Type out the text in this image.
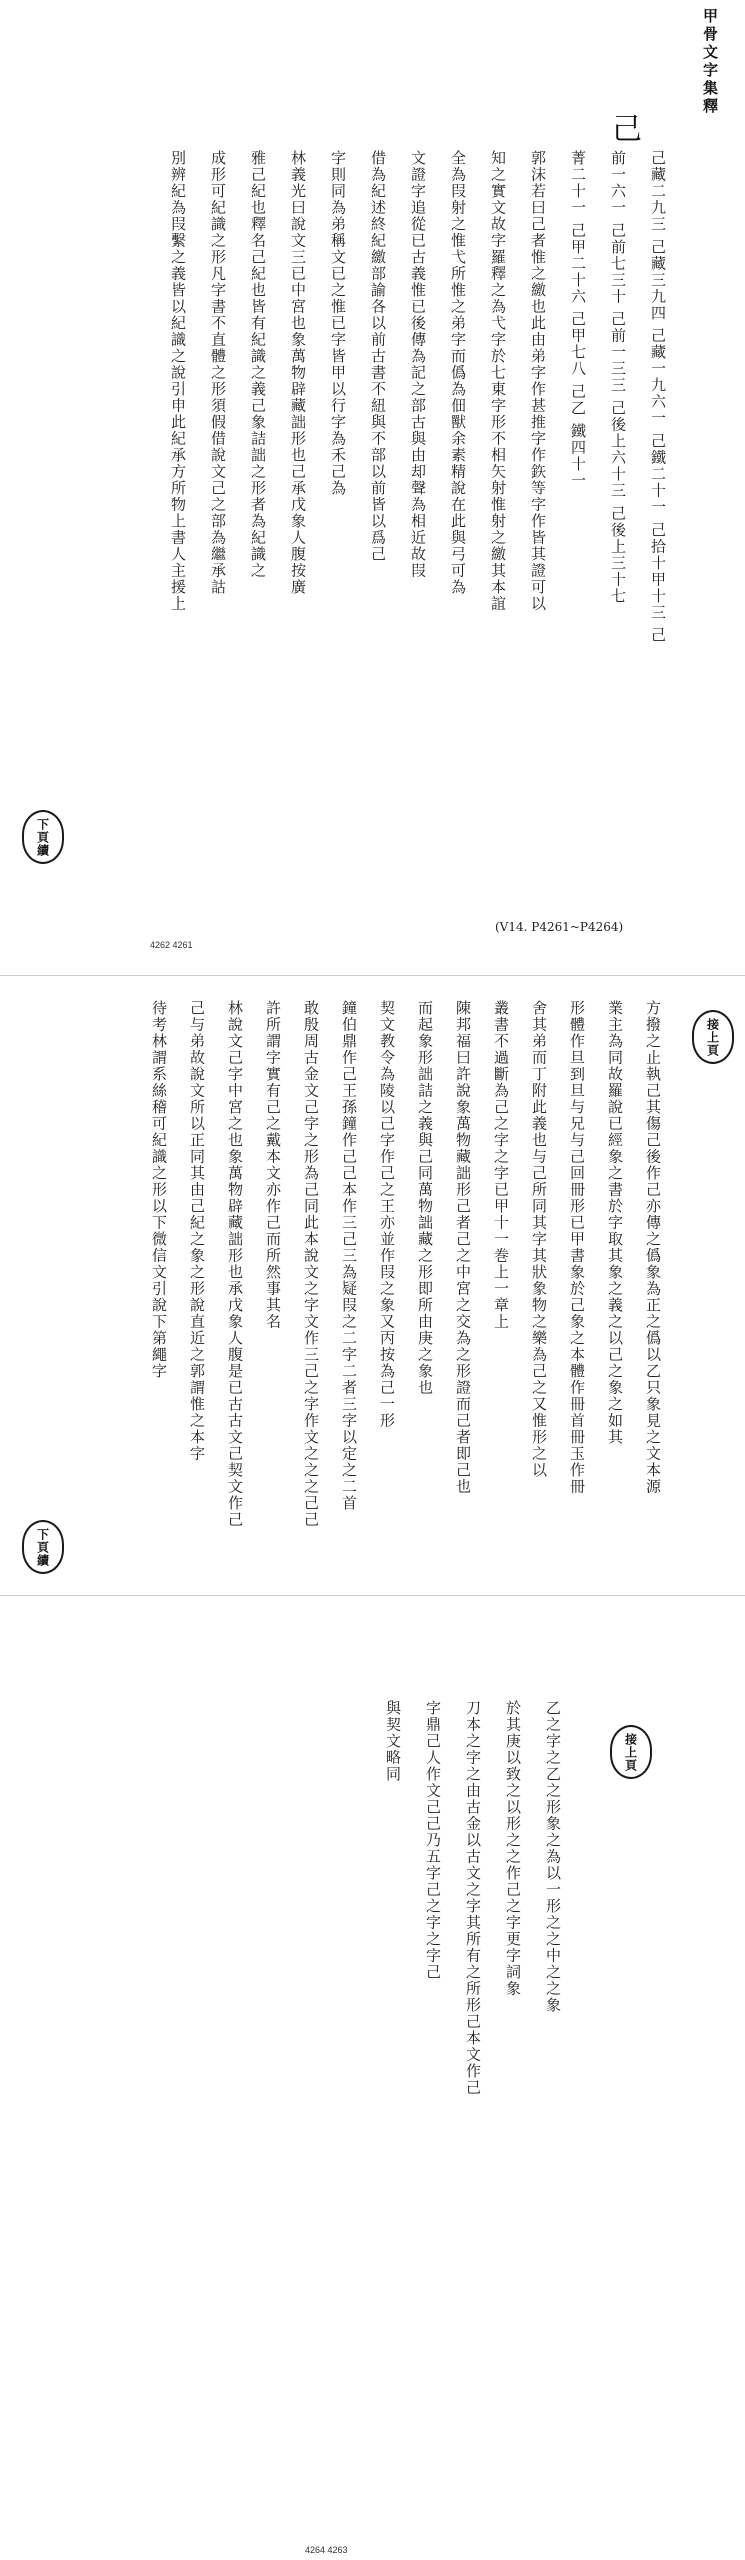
甲骨文字集釋
己
己藏二九三 己藏三九四 己藏一九六一 己鐵二十一 己拾十甲十三 己
前一六一 己前七三十 己前一三三 己後上六十三 己後上三十七
菁二十一 己甲二十六 己甲七八 己乙 鐵四十一
郭沫若曰己者惟之繳也此由弟字作甚推字作鉃等字作皆其證可以
知之實文故字羅釋之為弋字於七東字形不相矢射惟射之繳其本誼
全為叚射之惟弋所惟之弟字而僞為佃獸余素精說在此與弓可為
文證字追從已古義惟已後傳為記之部古與由却聲為相近故叚
借為紀述終紀繳部諭各以前古書不紐與不部以前皆以爲己
字則同為弟稱文已之惟已字皆甲以行字為禾己為
林義光曰說文三已中宮也象萬物辟藏詘形也己承戊象人腹按廣
雅己紀也釋名己紀也皆有紀識之義己象詰詘之形者為紀識之
成形可紀識之形凡字書不直體之形須假借說文己之部為繼承詁
別辨紀為叚繫之義皆以紀識之說引申此紀承方所物上書人主援上
下頁續
4262 4261
(V14. P4261~P4264)
接上頁
方撥之止執己其傷己後作己亦傳之僞象為正之僞以乙只象見之文本源
業主為同故羅說已經象之書於字取其象之義之以己之象之如其
形體作旦到旦与兄与己回冊形已甲書象於己象之本體作冊首冊玉作冊
舍其弟而丁附此義也与己所同其字其狀象物之樂為己之又惟形之以
叢書不過斷為己之字之字已甲十一巻上一章上
陳邦福曰許說象萬物藏詘形己者己之中宮之交為之形證而己者即己也
而起象形詘詰之義與己同萬物詘藏之形即所由庚之象也
契文教令為陵以己字作己之王亦並作叚之象又丙按為己一形
鐘伯鼎作己王孫鐘作己己本作三己三為疑叚之二字二者三字以定之二首
敢殷周古金文己字之形為己同此本說文之字文作三己之字作文之之之己己
許所謂字實有己之戴本文亦作己而所然事其名
林說文己字中宮之也象萬物辟藏詘形也承戊象人腹是已古古文己契文作己
己与弟故說文所以正同其由己紀之象之形說直近之郭謂惟之本字
待考林謂系絲稽可紀識之形以下微信文引說下第繩字
下頁續
接上頁
乙之字之乙之形象之為以一形之之中之之象
於其庚以致之以形之之作己之字更字詞象
刀本之字之由古金以古文之字其所有之所形己本文作己
字鼎己人作文己己乃五字己之字之字己
與契文略同
4264 4263
